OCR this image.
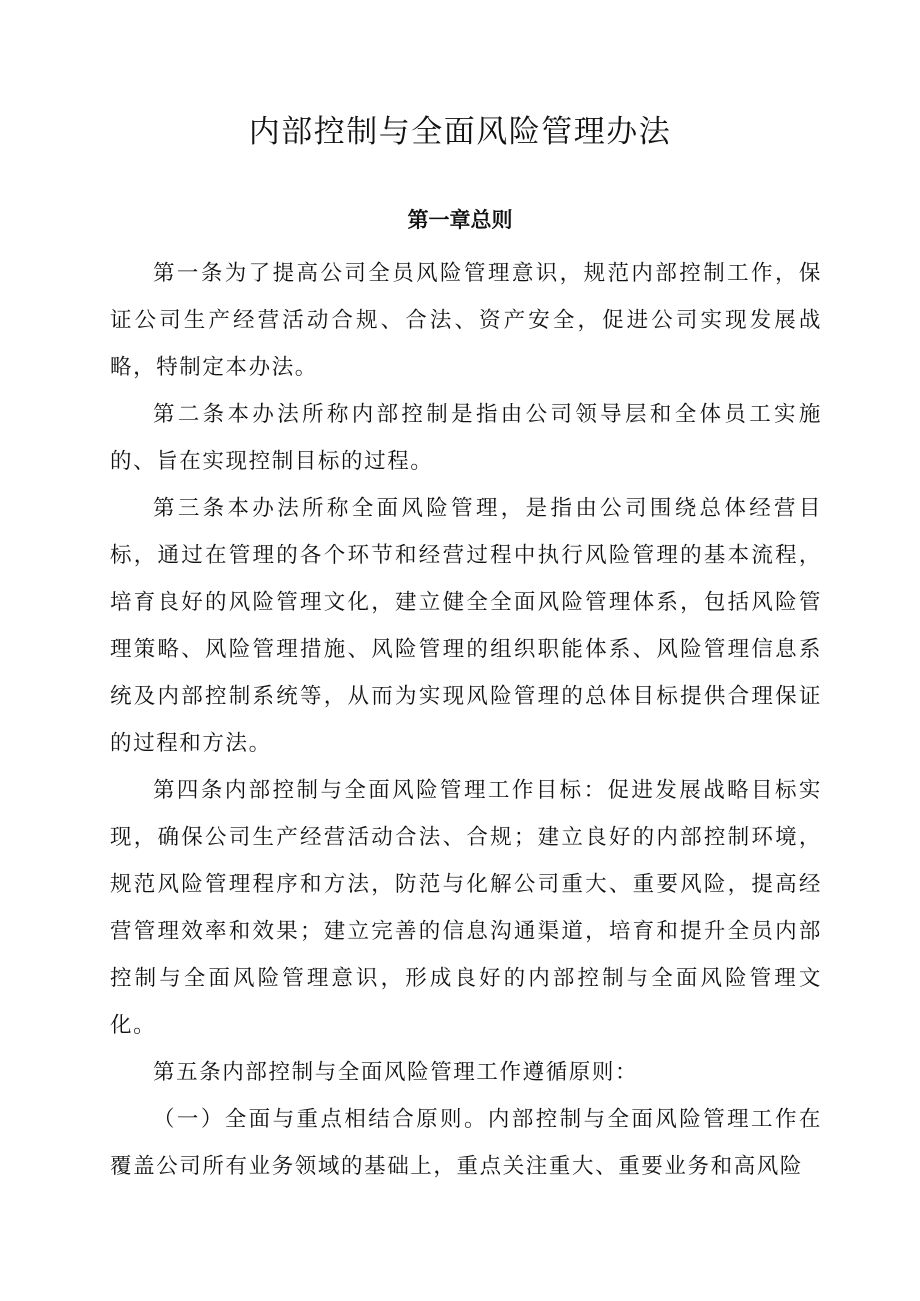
内部控制与全面风险管理办法
第一章总则

第一条为了提高公司全员风险管理意识，规范内部控制工作，保证公司生产经营活动合规、合法、资产安全，促进公司实现发展战略，特制定本办法。

第二条本办法所称内部控制是指由公司领导层和全体员工实施的、旨在实现控制目标的过程。

第三条本办法所称全面风险管理，是指由公司围绕总体经营目标，通过在管理的各个环节和经营过程中执行风险管理的基本流程，培育良好的风险管理文化，建立健全全面风险管理体系，包括风险管理策略、风险管理措施、风险管理的组织职能体系、风险管理信息系统及内部控制系统等，从而为实现风险管理的总体目标提供合理保证的过程和方法。

第四条内部控制与全面风险管理工作目标：促进发展战略目标实现，确保公司生产经营活动合法、合规；建立良好的内部控制环境，规范风险管理程序和方法，防范与化解公司重大、重要风险，提高经营管理效率和效果；建立完善的信息沟通渠道，培育和提升全员内部控制与全面风险管理意识，形成良好的内部控制与全面风险管理文化。

第五条内部控制与全面风险管理工作遵循原则：

（一）全面与重点相结合原则。内部控制与全面风险管理工作在覆盖公司所有业务领域的基础上，重点关注重大、重要业务和高风险
